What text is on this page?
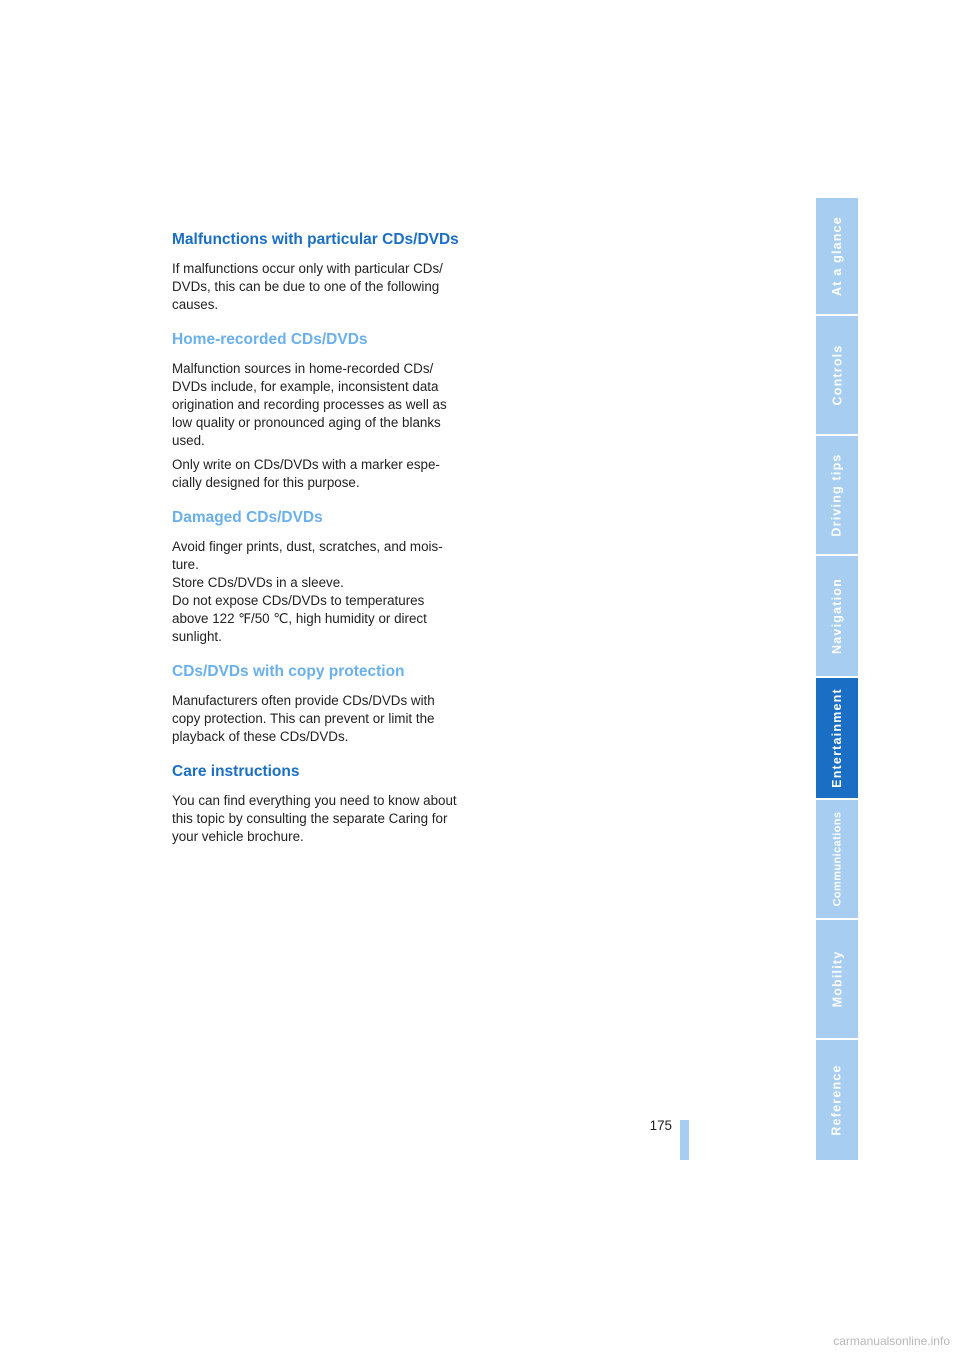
Malfunctions with particular CDs/DVDs

If malfunctions occur only with particular CDs/
DVDs, this can be due to one of the following
causes.

Home-recorded CDs/DVDs

Malfunction sources in home-recorded CDs/
DVDs include, for example, inconsistent data
origination and recording processes as well as
low quality or pronounced aging of the blanks
used.

Only write on CDs/DVDs with a marker espe-
cially designed for this purpose.

Damaged CDs/DVDs

Avoid finger prints, dust, scratches, and mois-
ture.
Store CDs/DVDs in a sleeve.
Do not expose CDs/DVDs to temperatures
above 122 ℉/50 ℃, high humidity or direct
sunlight.

CDs/DVDs with copy protection

Manufacturers often provide CDs/DVDs with
copy protection. This can prevent or limit the
playback of these CDs/DVDs.

Care instructions

You can find everything you need to know about
this topic by consulting the separate Caring for
your vehicle brochure.

175
At a glance
Controls
Driving tips
Navigation
Entertainment
Communications
Mobility
Reference
carmanualsonline.info
